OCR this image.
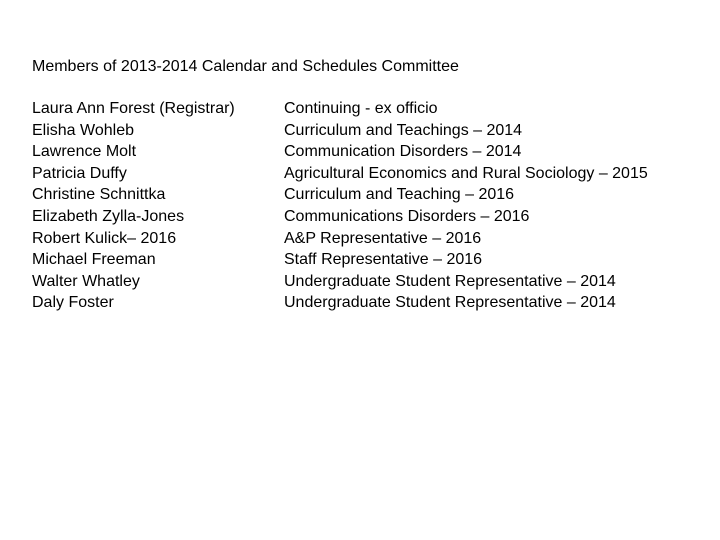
Members of 2013-2014 Calendar and Schedules Committee
Laura Ann Forest (Registrar)	Continuing - ex officio
Elisha Wohleb	Curriculum and Teachings – 2014
Lawrence Molt	Communication Disorders – 2014
Patricia Duffy	Agricultural Economics and Rural Sociology – 2015
Christine Schnittka	Curriculum and Teaching – 2016
Elizabeth Zylla-Jones	Communications Disorders – 2016
Robert Kulick– 2016	A&P Representative – 2016
Michael Freeman	Staff Representative – 2016
Walter Whatley	Undergraduate Student Representative – 2014
Daly Foster	Undergraduate Student Representative – 2014
